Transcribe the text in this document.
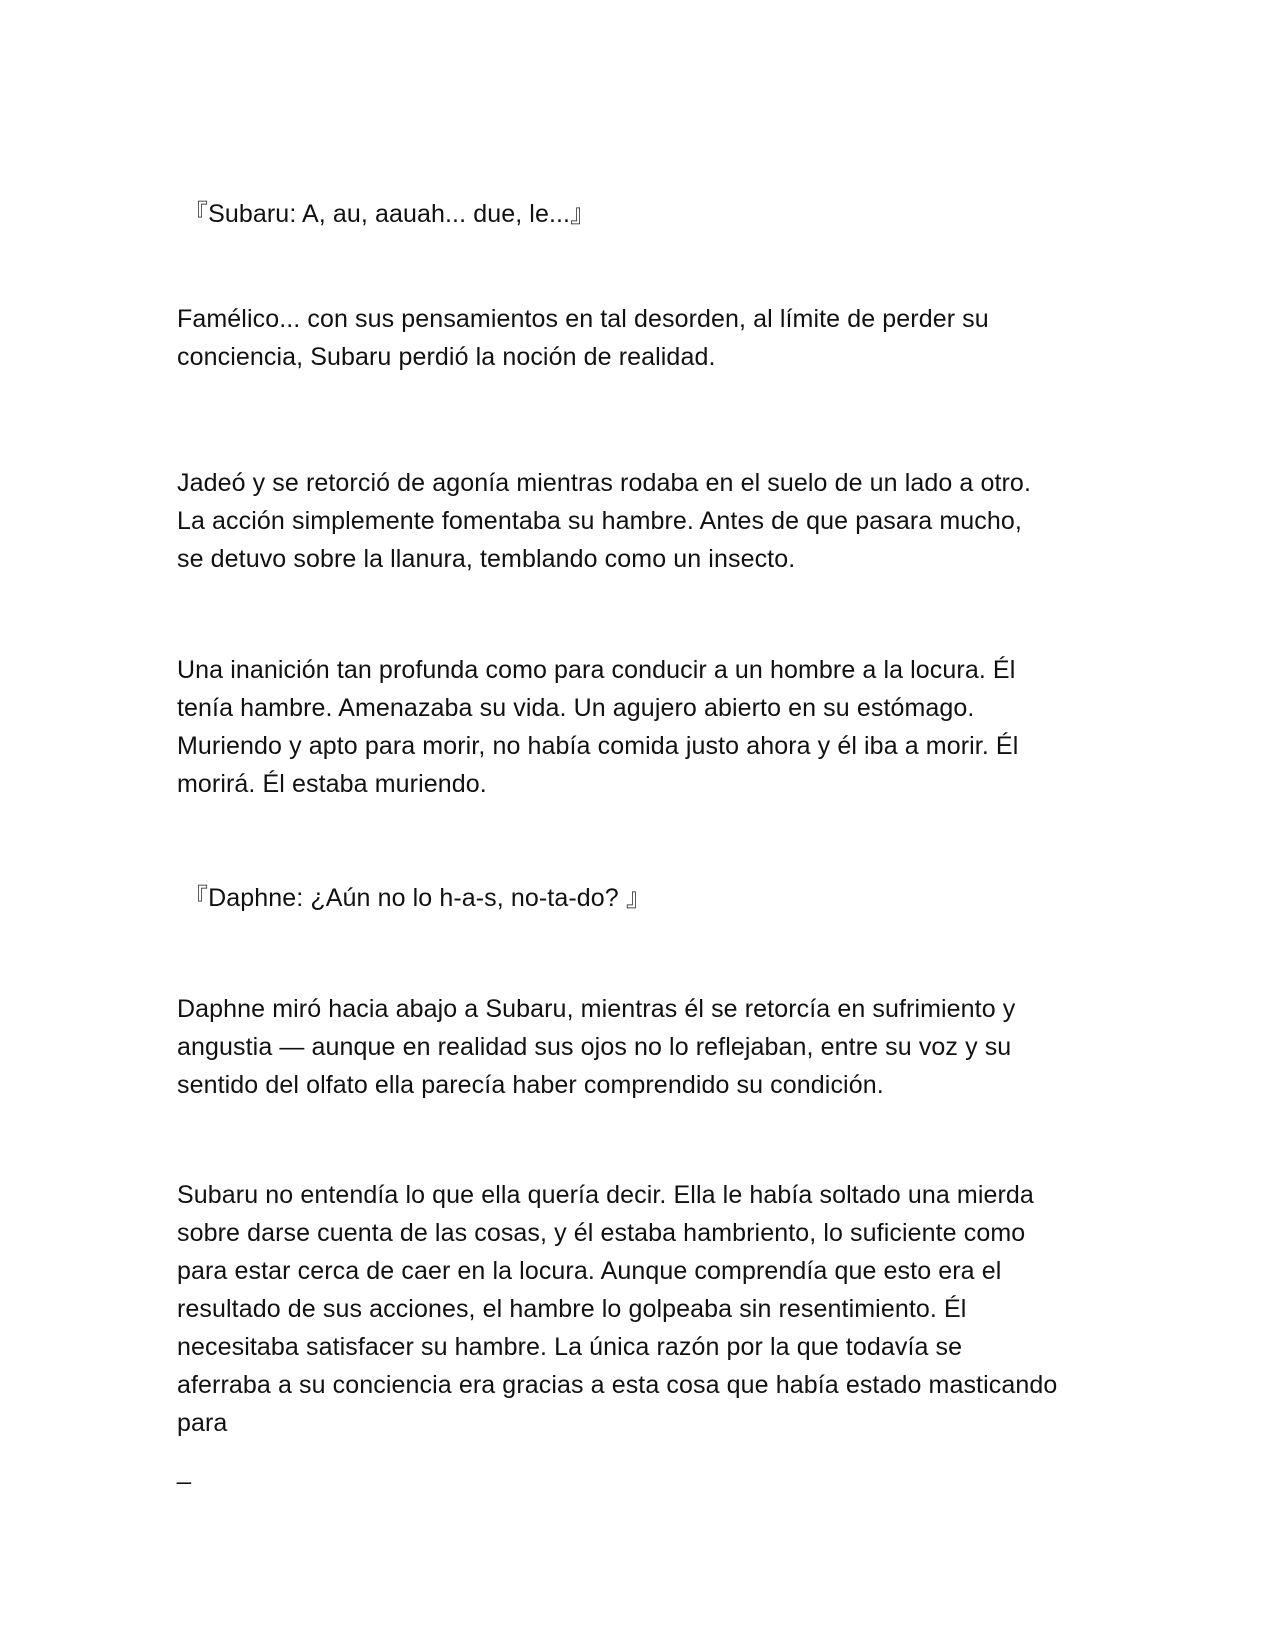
『Subaru: A, au, aauah... due, le...』
Famélico... con sus pensamientos en tal desorden, al límite de perder su
conciencia, Subaru perdió la noción de realidad.
Jadeó y se retorció de agonía mientras rodaba en el suelo de un lado a otro.
La acción simplemente fomentaba su hambre. Antes de que pasara mucho,
se detuvo sobre la llanura, temblando como un insecto.
Una inanición tan profunda como para conducir a un hombre a la locura. Él
tenía hambre. Amenazaba su vida. Un agujero abierto en su estómago.
Muriendo y apto para morir, no había comida justo ahora y él iba a morir. Él
morirá. Él estaba muriendo.
『Daphne: ¿Aún no lo h-a-s, no-ta-do? 』
Daphne miró hacia abajo a Subaru, mientras él se retorcía en sufrimiento y
angustia — aunque en realidad sus ojos no lo reflejaban, entre su voz y su
sentido del olfato ella parecía haber comprendido su condición.
Subaru no entendía lo que ella quería decir. Ella le había soltado una mierda
sobre darse cuenta de las cosas, y él estaba hambriento, lo suficiente como
para estar cerca de caer en la locura. Aunque comprendía que esto era el
resultado de sus acciones, el hambre lo golpeaba sin resentimiento. Él
necesitaba satisfacer su hambre. La única razón por la que todavía se
aferraba a su conciencia era gracias a esta cosa que había estado masticando
para
_
